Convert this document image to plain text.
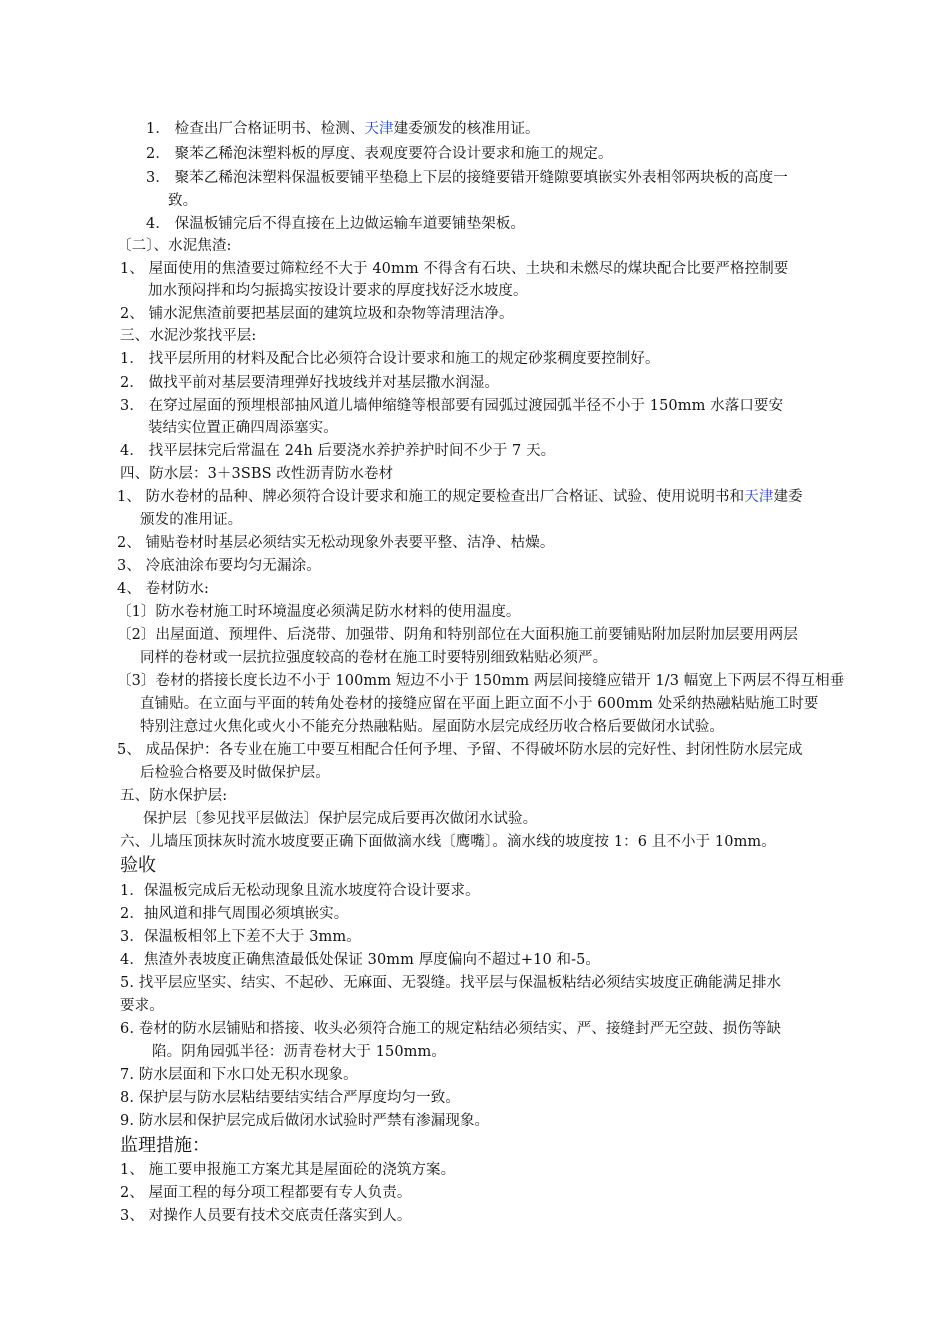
1． 检查出厂合格证明书、检测、天津建委颁发的核准用证。
2． 聚苯乙稀泡沫塑料板的厚度、表观度要符合设计要求和施工的规定。
3． 聚苯乙稀泡沫塑料保温板要铺平垫稳上下层的接缝要错开缝隙要填嵌实外表相邻两块板的高度一
致。
4． 保温板铺完后不得直接在上边做运输车道要铺垫架板。
〔二〕、水泥焦渣:
1、 屋面使用的焦渣要过筛粒经不大于 40mm 不得含有石块、土块和未燃尽的煤块配合比要严格控制要
加水预闷拌和均匀振捣实按设计要求的厚度找好泛水坡度。
2、 铺水泥焦渣前要把基层面的建筑垃圾和杂物等清理洁净。
三、水泥沙浆找平层:
1． 找平层所用的材料及配合比必须符合设计要求和施工的规定砂浆稠度要控制好。
2． 做找平前对基层要清理弹好找坡线并对基层撒水润湿。
3． 在穿过屋面的预埋根部抽风道儿墙伸缩缝等根部要有园弧过渡园弧半径不小于 150mm 水落口要安
装结实位置正确四周添塞实。
4． 找平层抹完后常温在 24h 后要浇水养护养护时间不少于 7 天。
四、防水层：3＋3SBS 改性沥青防水卷材
1、 防水卷材的品种、牌必须符合设计要求和施工的规定要检查出厂合格证、试验、使用说明书和天津建委
颁发的准用证。
2、 铺贴卷材时基层必须结实无松动现象外表要平整、洁净、枯燥。
3、 冷底油涂布要均匀无漏涂。
4、 卷材防水:
〔1〕防水卷材施工时环境温度必须满足防水材料的使用温度。
〔2〕出屋面道、预埋件、后浇带、加强带、阴角和特别部位在大面积施工前要铺贴附加层附加层要用两层
同样的卷材或一层抗拉强度较高的卷材在施工时要特别细致粘贴必须严。
〔3〕卷材的搭接长度长边不小于 100mm 短边不小于 150mm 两层间接缝应错开 1/3 幅宽上下两层不得互相垂
直铺贴。在立面与平面的转角处卷材的接缝应留在平面上距立面不小于 600mm 处采纳热融粘贴施工时要
特别注意过火焦化或火小不能充分热融粘贴。屋面防水层完成经历收合格后要做闭水试验。
5、 成品保护：各专业在施工中要互相配合任何予埋、予留、不得破坏防水层的完好性、封闭性防水层完成
后检验合格要及时做保护层。
五、防水保护层:
保护层〔参见找平层做法〕保护层完成后要再次做闭水试验。
六、儿墙压顶抹灰时流水坡度要正确下面做滴水线〔鹰嘴〕。滴水线的坡度按 1：6 且不小于 10mm。
验收
1．保温板完成后无松动现象且流水坡度符合设计要求。
2．抽风道和排气周围必须填嵌实。
3．保温板相邻上下差不大于 3mm。
4．焦渣外表坡度正确焦渣最低处保证 30mm 厚度偏向不超过+10 和-5。
5. 找平层应坚实、结实、不起砂、无麻面、无裂缝。找平层与保温板粘结必须结实坡度正确能满足排水
要求。
6. 卷材的防水层铺贴和搭接、收头必须符合施工的规定粘结必须结实、严、接缝封严无空鼓、损伤等缺
陷。阴角园弧半径：沥青卷材大于 150mm。
7. 防水层面和下水口处无积水现象。
8. 保护层与防水层粘结要结实结合严厚度均匀一致。
9. 防水层和保护层完成后做闭水试验时严禁有渗漏现象。
监理措施：
1、 施工要申报施工方案尤其是屋面砼的浇筑方案。
2、 屋面工程的每分项工程都要有专人负责。
3、 对操作人员要有技术交底责任落实到人。
